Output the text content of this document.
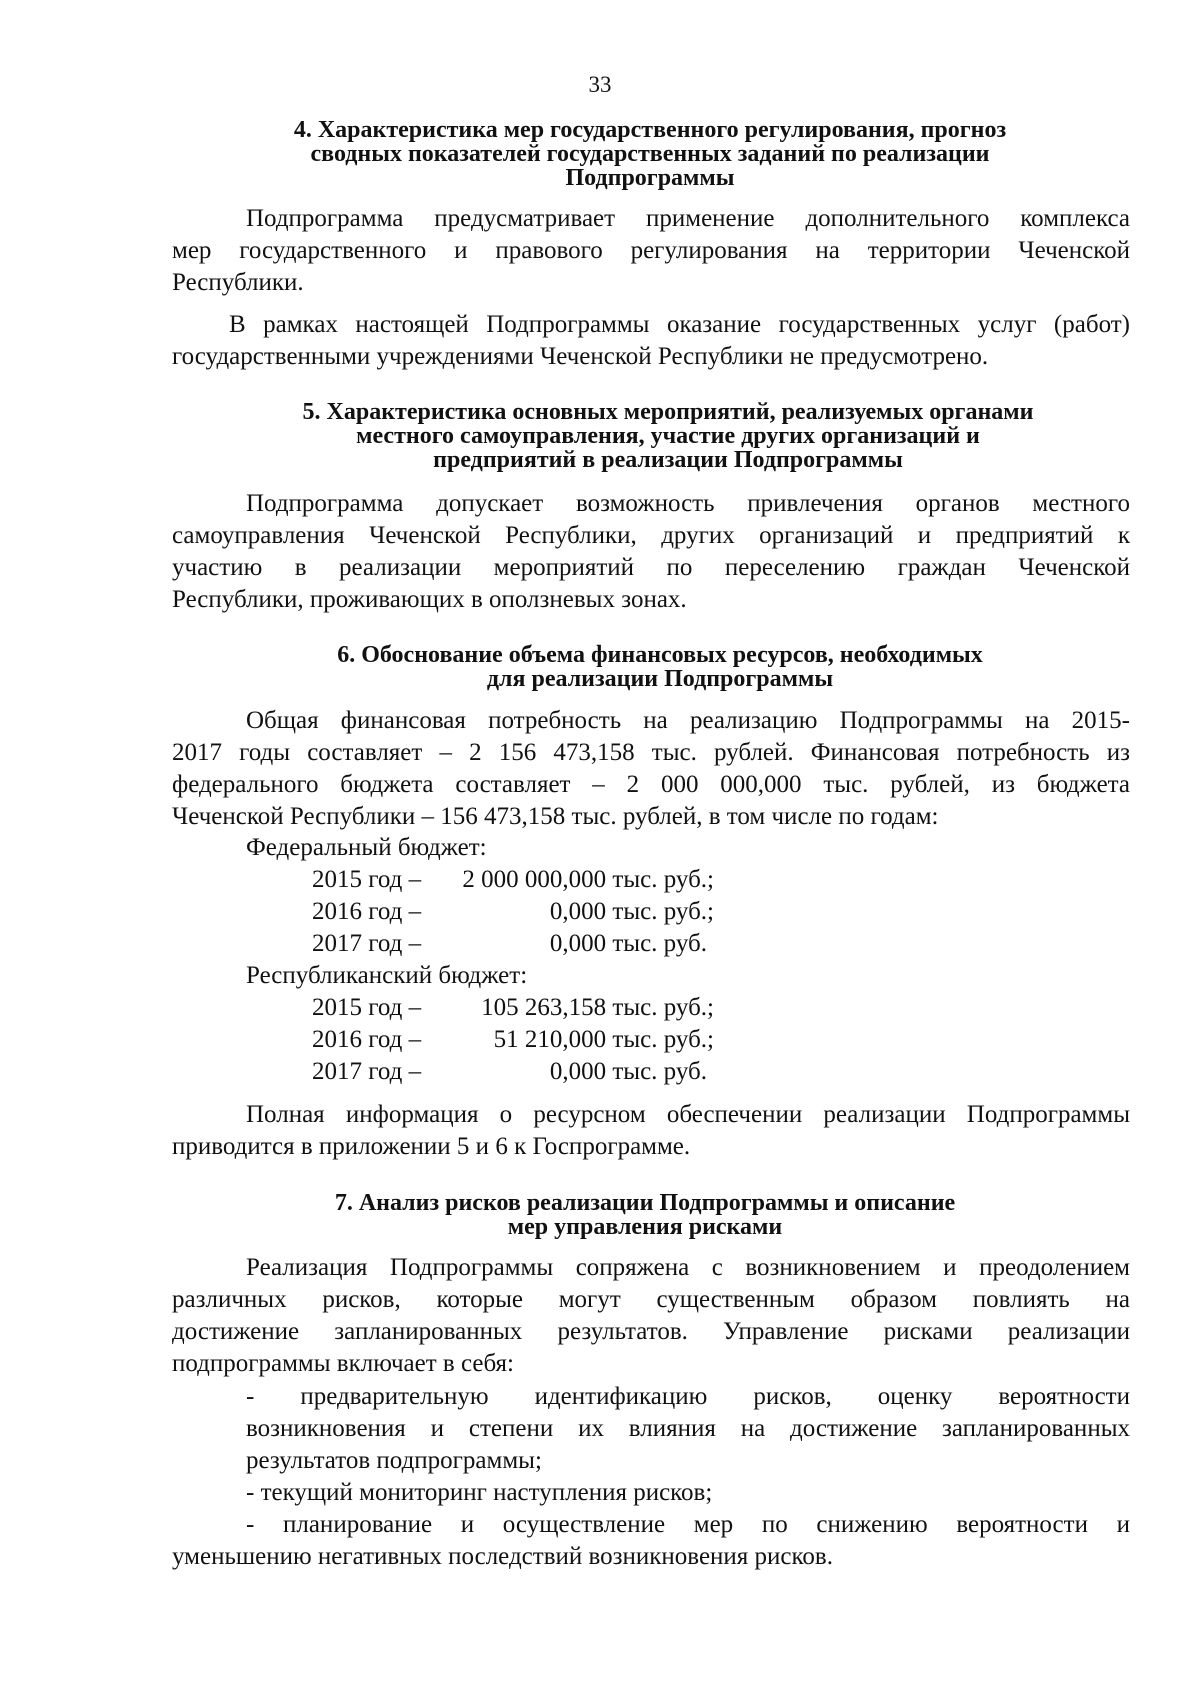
33
4. Характеристика мер государственного регулирования, прогноз
сводных показателей государственных заданий по реализации
Подпрограммы
Подпрограмма предусматривает применение дополнительного комплекса
мер государственного и правового регулирования на территории Чеченской
Республики.
В рамках настоящей Подпрограммы оказание государственных услуг (работ)
государственными учреждениями Чеченской Республики не предусмотрено.
5. Характеристика основных мероприятий, реализуемых органами
местного самоуправления, участие других организаций и
предприятий в реализации Подпрограммы
Подпрограмма допускает возможность привлечения органов местного
самоуправления Чеченской Республики, других организаций и предприятий к
участию в реализации мероприятий по переселению граждан Чеченской
Республики, проживающих в оползневых зонах.
6. Обоснование объема финансовых ресурсов, необходимых
для реализации Подпрограммы
Общая финансовая потребность на реализацию Подпрограммы на 2015-
2017 годы составляет – 2 156 473,158 тыс. рублей. Финансовая потребность из
федерального бюджета составляет – 2 000 000,000 тыс. рублей, из бюджета
Чеченской Республики – 156 473,158 тыс. рублей, в том числе по годам:
Федеральный бюджет:
2015 год – 2 000 000,000 тыс. руб.;
2016 год –	0,000 тыс. руб.;
2017 год –	0,000 тыс. руб.
Республиканский бюджет:
2015 год – 105 263,158 тыс. руб.;
2016 год –	51 210,000 тыс. руб.;
2017 год –	0,000 тыс. руб.
Полная информация о ресурсном обеспечении реализации Подпрограммы
приводится в приложении 5 и 6 к Госпрограмме.
7. Анализ рисков реализации Подпрограммы и описание
мер управления рисками
Реализация Подпрограммы сопряжена с возникновением и преодолением
различных рисков, которые могут существенным образом повлиять на
достижение запланированных результатов. Управление рисками реализации
подпрограммы включает в себя:
- предварительную идентификацию рисков, оценку вероятности
возникновения и степени их влияния на достижение запланированных
результатов подпрограммы;
- текущий мониторинг наступления рисков;
- планирование и осуществление мер по снижению вероятности и
уменьшению негативных последствий возникновения рисков.
